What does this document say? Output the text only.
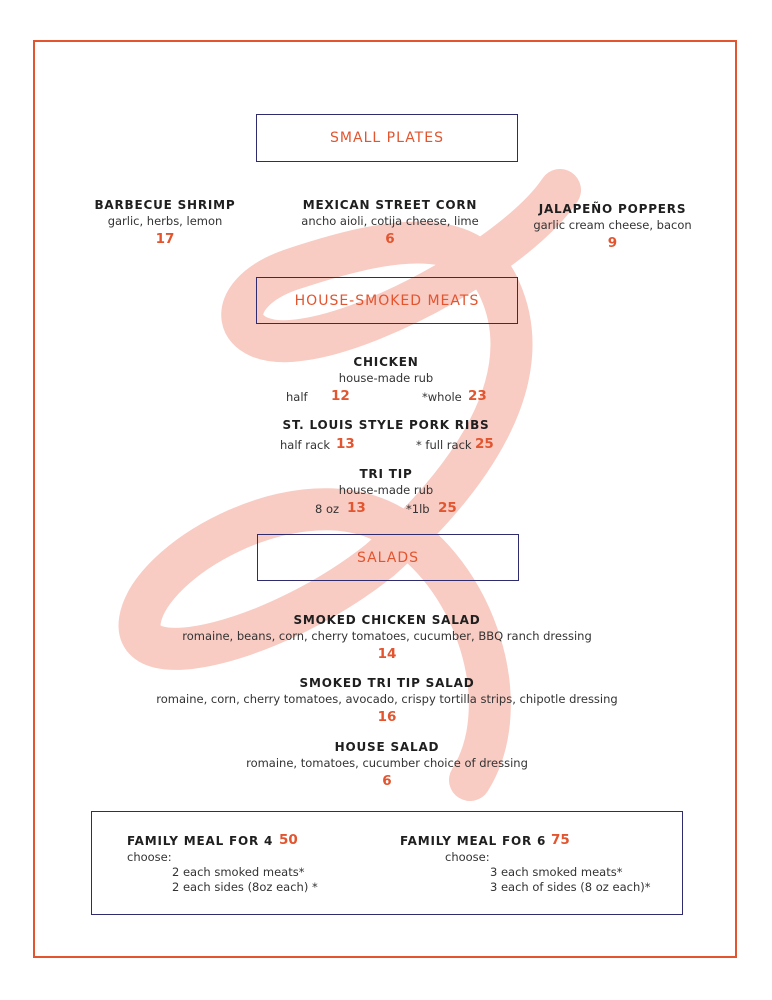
SMALL PLATES
BARBECUE SHRIMP
garlic, herbs, lemon
17
MEXICAN STREET CORN
ancho aioli, cotija cheese, lime
6
JALAPEÑO POPPERS
garlic cream cheese, bacon
9
HOUSE-SMOKED MEATS
CHICKEN
house-made rub
half 12	*whole 23
ST. LOUIS STYLE PORK RIBS
half rack 13	* full rack 25
TRI TIP
house-made rub
8 oz 13	*1lb 25
SALADS
SMOKED CHICKEN SALAD
romaine, beans, corn, cherry tomatoes, cucumber, BBQ ranch dressing
14
SMOKED TRI TIP SALAD
romaine, corn, cherry tomatoes, avocado, crispy tortilla strips, chipotle dressing
16
HOUSE SALAD
romaine, tomatoes, cucumber choice of dressing
6
FAMILY MEAL FOR 4 50
choose:
2 each smoked meats*
2 each sides (8oz each) *
FAMILY MEAL FOR 6 75
choose:
3 each smoked meats*
3 each of sides (8 oz each)*
